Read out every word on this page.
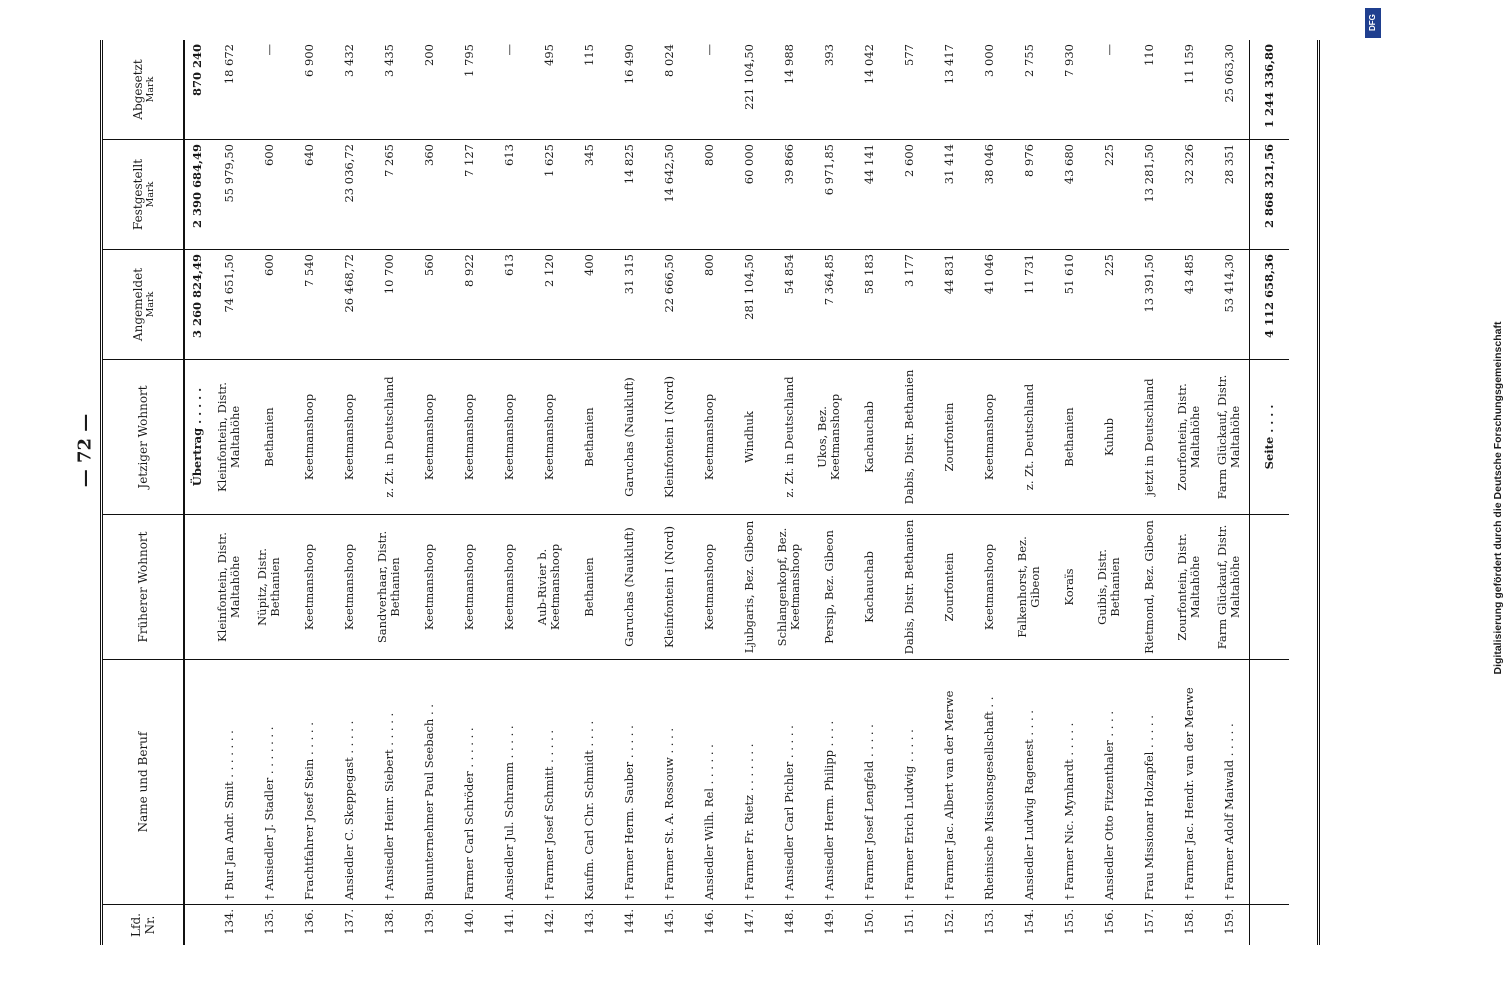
— 72 —	Digitalisierung gefördert durch die Deutsche Forschungsgemeinschaft
DFG
Lfd. Nr.
Name und Beruf
Früherer Wohnort
Jetziger Wohnort
Angemeldet Mark
Festgestellt Mark
Abgesetzt Mark
Übertrag . . . . .
3 260 824,49
2 390 684,49
870 240
134.
† Bur Jan Andr. Smit . . . . . . .
Kleinfontein, Distr. Maltahöhe
Kleinfontein, Distr. Maltahöhe
74 651,50
55 979,50
18 672
135.
† Ansiedler J. Stadler . . . . . . .
Nüpitz, Distr. Bethanien
Bethanien
600
600
—
136.
Frachtfahrer Josef Stein . . . . .
Keetmanshoop
Keetmanshoop
7 540
640
6 900
137.
Ansiedler C. Skeppegast . . . . .
Keetmanshoop
Keetmanshoop
26 468,72
23 036,72
3 432
138.
† Ansiedler Heinr. Siebert . . . . .
Sandverhaar, Distr. Bethanien
z. Zt. in Deutschland
10 700
7 265
3 435
139.
Bauunternehmer Paul Seebach . .
Keetmanshoop
Keetmanshoop
560
360
200
140.
Farmer Carl Schröder . . . . . .
Keetmanshoop
Keetmanshoop
8 922
7 127
1 795
141.
Ansiedler Jul. Schramm . . . . .
Keetmanshoop
Keetmanshoop
613
613
—
142.
† Farmer Josef Schmitt . . . . .
Aub-Rivier b. Keetmanshoop
Keetmanshoop
2 120
1 625
495
143.
Kaufm. Carl Chr. Schmidt . . . .
Bethanien
Bethanien
400
345
115
144.
† Farmer Herm. Sauber . . . . .
Garuchas (Naukluft)
Garuchas (Naukluft)
31 315
14 825
16 490
145.
† Farmer St. A. Rossouw . . . .
Kleinfontein I (Nord)
Kleinfontein I (Nord)
22 666,50
14 642,50
8 024
146.
Ansiedler Wilh. Rel . . . . . .
Keetmanshoop
Keetmanshoop
800
800
—
147.
† Farmer Fr. Rietz . . . . . . .
Ljubgaris, Bez. Gibeon
Windhuk
281 104,50
60 000
221 104,50
148.
† Ansiedler Carl Pichler . . . . .
Schlangenkopf, Bez. Keetmanshoop
z. Zt. in Deutschland
54 854
39 866
14 988
149.
† Ansiedler Herm. Philipp . . . .
Persip, Bez. Gibeon
Ukos, Bez. Keetmanshoop
7 364,85
6 971,85
393
150.
† Farmer Josef Lengfeld . . . . .
Kachauchab
Kachauchab
58 183
44 141
14 042
151.
† Farmer Erich Ludwig . . . . .
Dabis, Distr. Bethanien
Dabis, Distr. Bethanien
3 177
2 600
577
152.
† Farmer Jac. Albert van der Merwe
Zourfontein
Zourfontein
44 831
31 414
13 417
153.
Rheinische Missionsgesellschaft . .
Keetmanshoop
Keetmanshoop
41 046
38 046
3 000
154.
Ansiedler Ludwig Ragenest . . . .
Falkenhorst, Bez. Gibeon
z. Zt. Deutschland
11 731
8 976
2 755
155.
† Farmer Nic. Mynhardt . . . . .
Koraïs
Bethanien
51 610
43 680
7 930
156.
Ansiedler Otto Fitzenthaler . . . .
Guibis, Distr. Bethanien
Kuhub
225
225
—
157.
Frau Missionar Holzapfel . . . . .
Rietmond, Bez. Gibeon
jetzt in Deutschland
13 391,50
13 281,50
110
158.
† Farmer Jac. Hendr. van der Merwe
Zourfontein, Distr. Maltahöhe
Zourfontein, Distr. Maltahöhe
43 485
32 326
11 159
159.
† Farmer Adolf Maiwald . . . . .
Farm Glückauf, Distr. Maltahöhe
Farm Glückauf, Distr. Maltahöhe
53 414,30
28 351
25 063,30
Seite . . . .
4 112 658,36
2 868 321,56
1 244 336,80
